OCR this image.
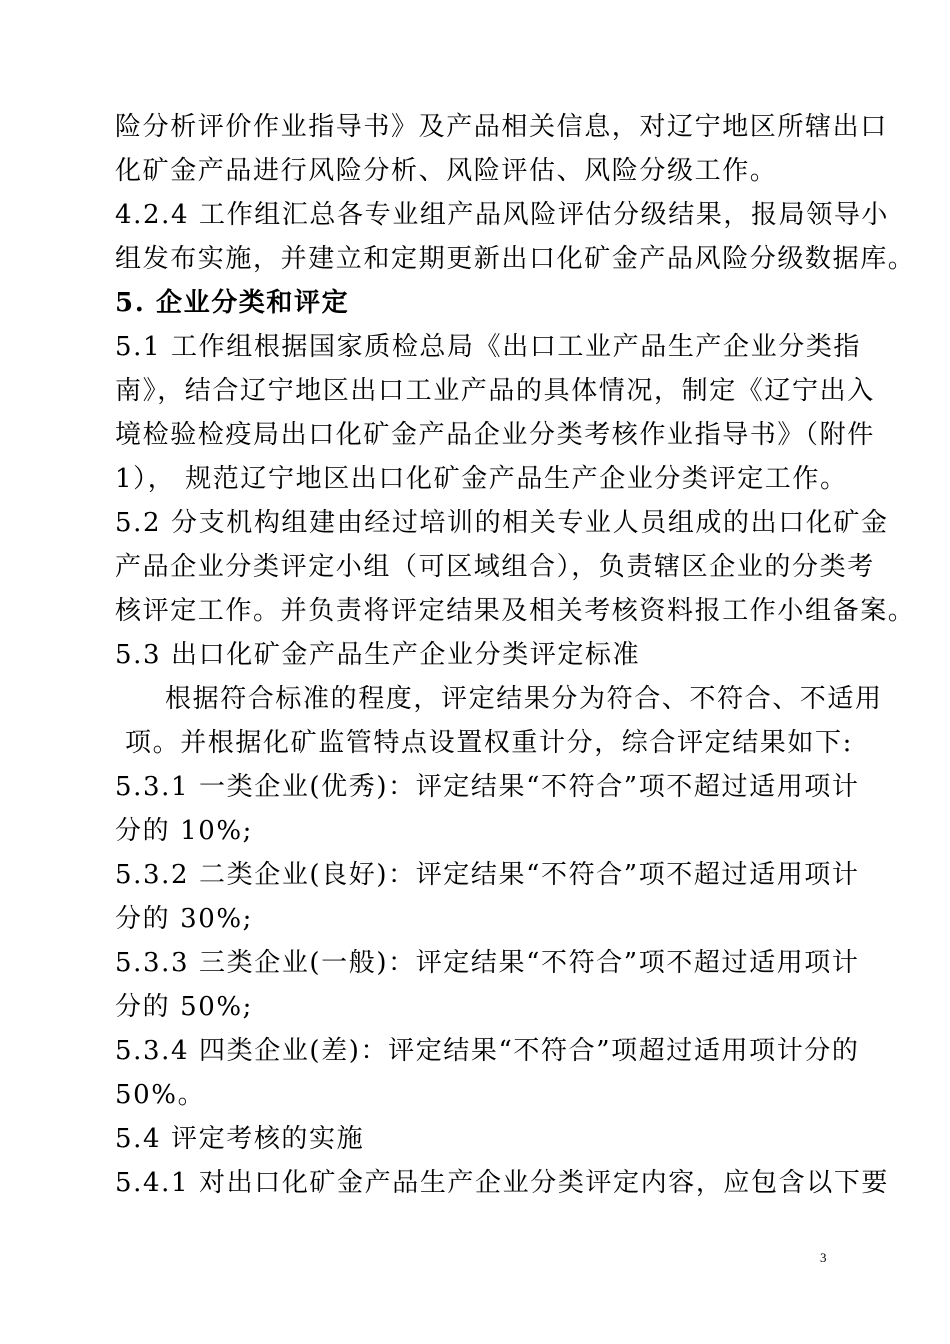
险分析评价作业指导书》及产品相关信息，对辽宁地区所辖出口
化矿金产品进行风险分析、风险评估、风险分级工作。
4.2.4 工作组汇总各专业组产品风险评估分级结果，报局领导小
组发布实施，并建立和定期更新出口化矿金产品风险分级数据库。
5. 企业分类和评定
5.1 工作组根据国家质检总局《出口工业产品生产企业分类指
南》，结合辽宁地区出口工业产品的具体情况，制定《辽宁出入
境检验检疫局出口化矿金产品企业分类考核作业指导书》（附件
1）， 规范辽宁地区出口化矿金产品生产企业分类评定工作。
5.2 分支机构组建由经过培训的相关专业人员组成的出口化矿金
产品企业分类评定小组（可区域组合），负责辖区企业的分类考
核评定工作。并负责将评定结果及相关考核资料报工作小组备案。
5.3 出口化矿金产品生产企业分类评定标准
根据符合标准的程度，评定结果分为符合、不符合、不适用
项。并根据化矿监管特点设置权重计分，综合评定结果如下:
5.3.1 一类企业(优秀)：评定结果“不符合”项不超过适用项计
分的 10%;
5.3.2 二类企业(良好)：评定结果“不符合”项不超过适用项计
分的 30%;
5.3.3 三类企业(一般)：评定结果“不符合”项不超过适用项计
分的 50%;
5.3.4 四类企业(差)：评定结果“不符合”项超过适用项计分的
50%。
5.4 评定考核的实施
5.4.1 对出口化矿金产品生产企业分类评定内容，应包含以下要
3
